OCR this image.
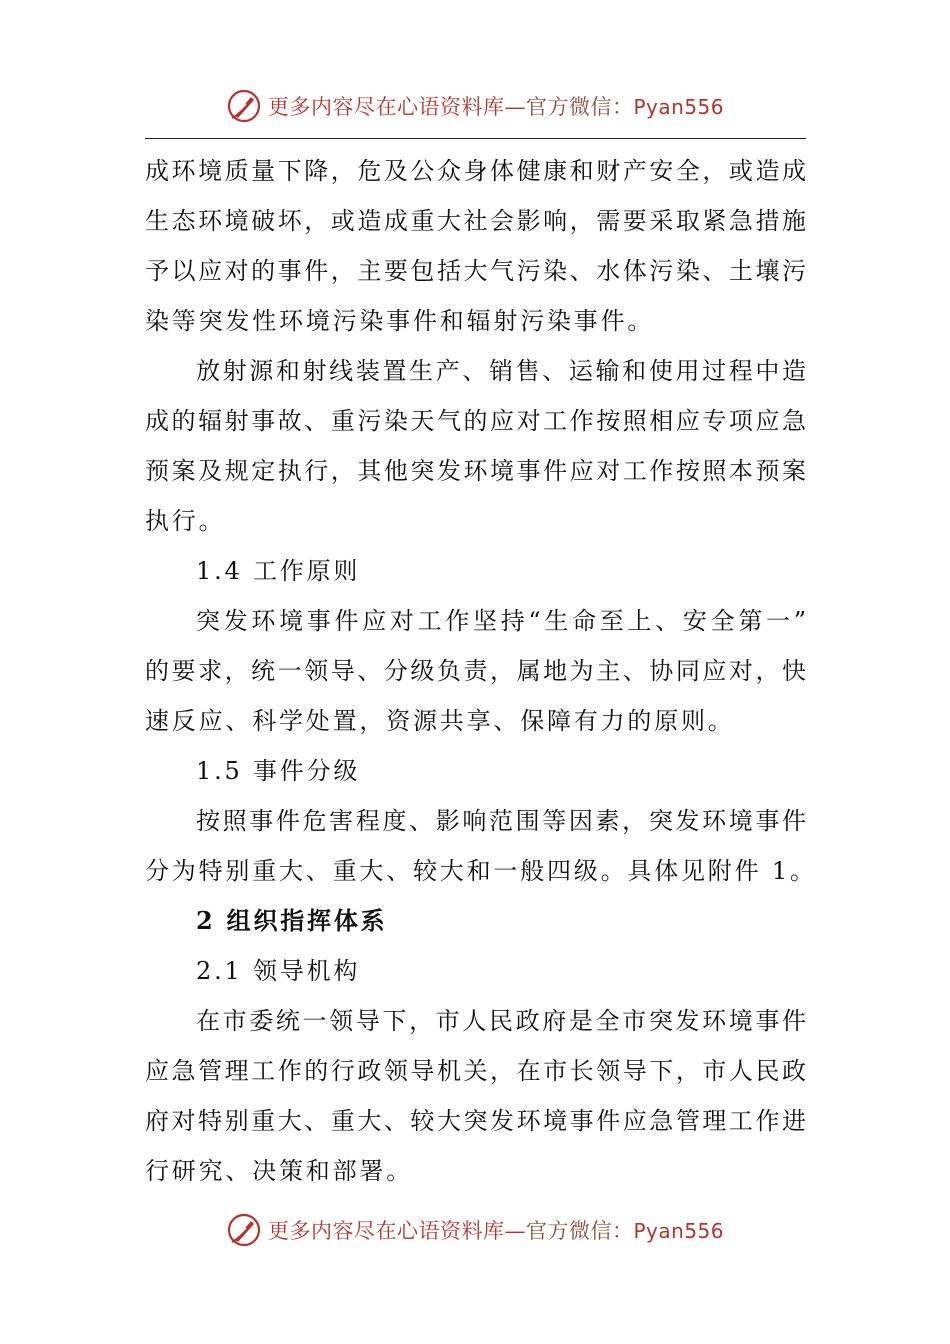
更多内容尽在心语资料库—官方微信：Pyan556
成环境质量下降，危及公众身体健康和财产安全，或造成
生态环境破坏，或造成重大社会影响，需要采取紧急措施
予以应对的事件，主要包括大气污染、水体污染、土壤污
染等突发性环境污染事件和辐射污染事件。
放射源和射线装置生产、销售、运输和使用过程中造
成的辐射事故、重污染天气的应对工作按照相应专项应急
预案及规定执行，其他突发环境事件应对工作按照本预案
执行。
1.4 工作原则
突发环境事件应对工作坚持“生命至上、安全第一”
的要求，统一领导、分级负责，属地为主、协同应对，快
速反应、科学处置，资源共享、保障有力的原则。
1.5 事件分级
按照事件危害程度、影响范围等因素，突发环境事件
分为特别重大、重大、较大和一般四级。具体见附件 1。
2 组织指挥体系
2.1 领导机构
在市委统一领导下，市人民政府是全市突发环境事件
应急管理工作的行政领导机关，在市长领导下，市人民政
府对特别重大、重大、较大突发环境事件应急管理工作进
行研究、决策和部署。
更多内容尽在心语资料库—官方微信：Pyan556
